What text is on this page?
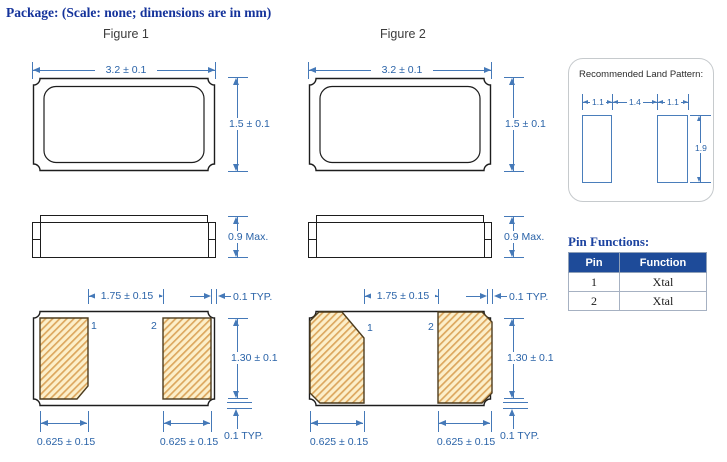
Package: (Scale: none; dimensions are in mm)
Figure 1	Figure 2
3.2 ± 0.1
1.5 ± 0.1
0.9 Max.
1.75 ± 0.15	0.1 TYP.
1	2
1.30 ± 0.1
0.1 TYP.
0.625 ± 0.15	0.625 ± 0.15
3.2 ± 0.1
1.5 ± 0.1
0.9 Max.
1.75 ± 0.15	0.1 TYP.
1	2
1.30 ± 0.1
0.1 TYP.
0.625 ± 0.15	0.625 ± 0.15
Recommended Land Pattern:
1.1	1.4	1.1
1.9
Pin Functions:
Pin	Function
1	Xtal
2	Xtal
